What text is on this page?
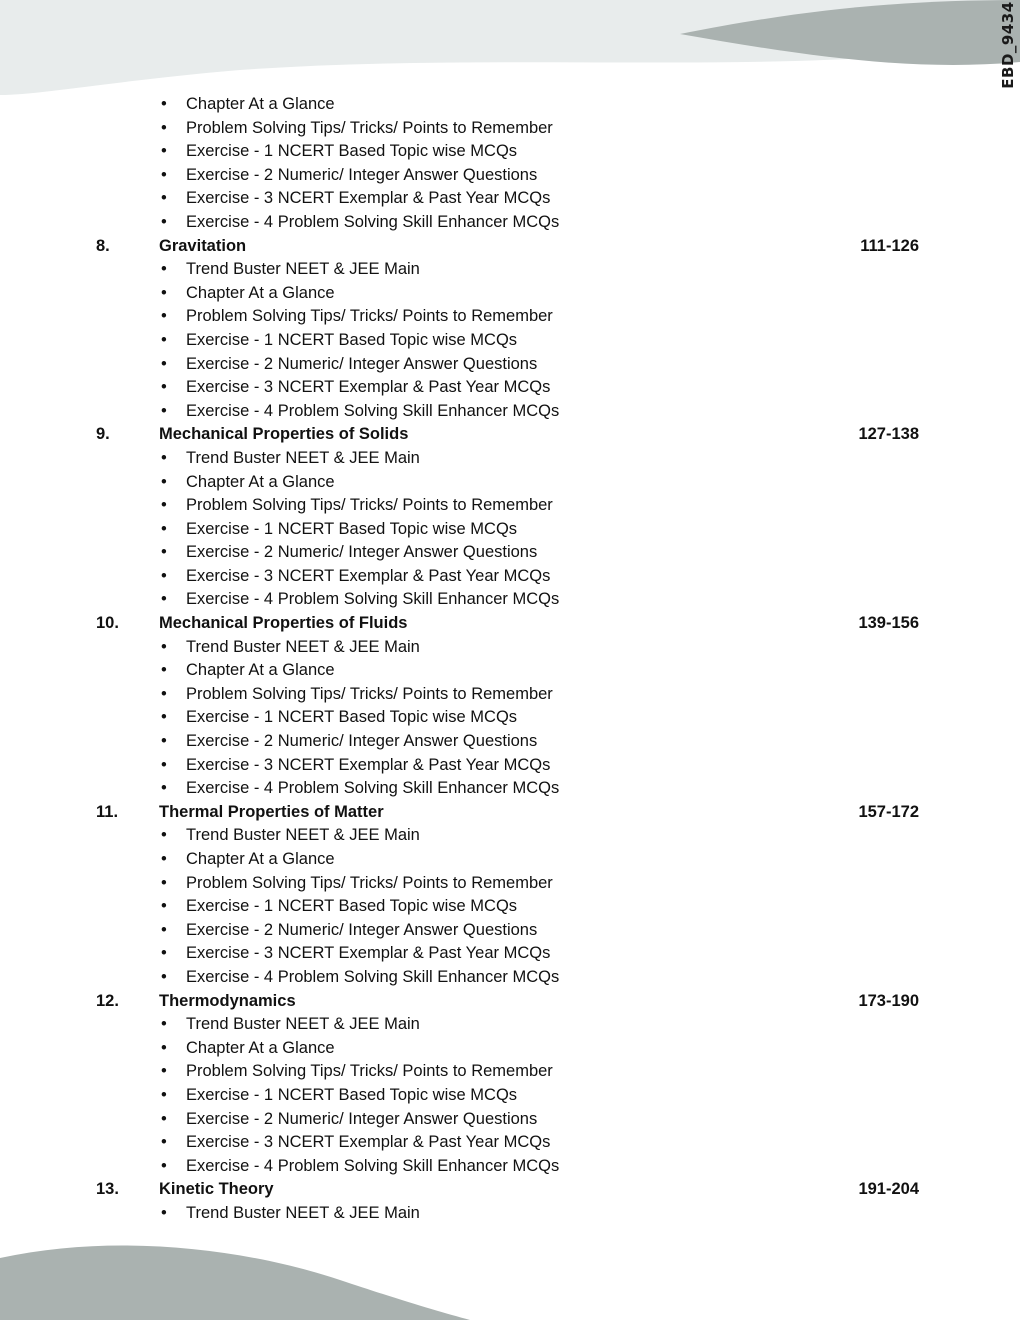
EBD_9434
• Chapter At a Glance
• Problem Solving Tips/ Tricks/ Points to Remember
• Exercise - 1 NCERT Based Topic wise MCQs
• Exercise - 2 Numeric/ Integer Answer Questions
• Exercise - 3 NCERT Exemplar & Past Year MCQs
• Exercise - 4 Problem Solving Skill Enhancer MCQs
8.	Gravitation	111-126
• Trend Buster NEET & JEE Main
• Chapter At a Glance
• Problem Solving Tips/ Tricks/ Points to Remember
• Exercise - 1 NCERT Based Topic wise MCQs
• Exercise - 2 Numeric/ Integer Answer Questions
• Exercise - 3 NCERT Exemplar & Past Year MCQs
• Exercise - 4 Problem Solving Skill Enhancer MCQs
9.	Mechanical Properties of Solids	127-138
• Trend Buster NEET & JEE Main
• Chapter At a Glance
• Problem Solving Tips/ Tricks/ Points to Remember
• Exercise - 1 NCERT Based Topic wise MCQs
• Exercise - 2 Numeric/ Integer Answer Questions
• Exercise - 3 NCERT Exemplar & Past Year MCQs
• Exercise - 4 Problem Solving Skill Enhancer MCQs
10. Mechanical Properties of Fluids	139-156
• Trend Buster NEET & JEE Main
• Chapter At a Glance
• Problem Solving Tips/ Tricks/ Points to Remember
• Exercise - 1 NCERT Based Topic wise MCQs
• Exercise - 2 Numeric/ Integer Answer Questions
• Exercise - 3 NCERT Exemplar & Past Year MCQs
• Exercise - 4 Problem Solving Skill Enhancer MCQs
11. Thermal Properties of Matter	157-172
• Trend Buster NEET & JEE Main
• Chapter At a Glance
• Problem Solving Tips/ Tricks/ Points to Remember
• Exercise - 1 NCERT Based Topic wise MCQs
• Exercise - 2 Numeric/ Integer Answer Questions
• Exercise - 3 NCERT Exemplar & Past Year MCQs
• Exercise - 4 Problem Solving Skill Enhancer MCQs
12. Thermodynamics	173-190
• Trend Buster NEET & JEE Main
• Chapter At a Glance
• Problem Solving Tips/ Tricks/ Points to Remember
• Exercise - 1 NCERT Based Topic wise MCQs
• Exercise - 2 Numeric/ Integer Answer Questions
• Exercise - 3 NCERT Exemplar & Past Year MCQs
• Exercise - 4 Problem Solving Skill Enhancer MCQs
13. Kinetic Theory	191-204
• Trend Buster NEET & JEE Main
